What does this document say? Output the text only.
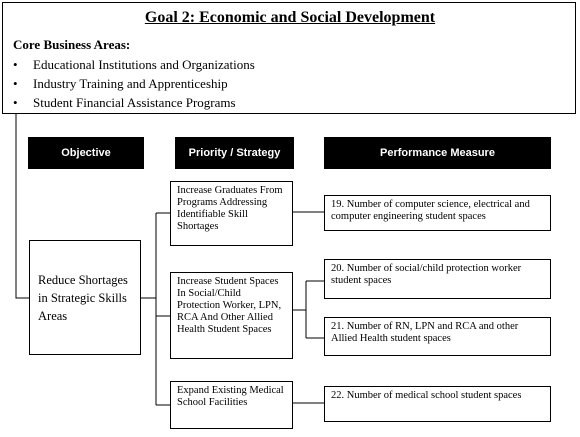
Goal 2: Economic and Social Development
Core Business Areas:
• Educational Institutions and Organizations
• Industry Training and Apprenticeship
• Student Financial Assistance Programs
Objective	Priority / Strategy	Performance Measure
Reduce Shortages in Strategic Skills Areas
Increase Graduates From Programs Addressing Identifiable Skill Shortages
Increase Student Spaces In Social/Child Protection Worker, LPN, RCA And Other Allied Health Student Spaces
Expand Existing Medical School Facilities
19. Number of computer science, electrical and computer engineering student spaces
20. Number of social/child protection worker student spaces
21. Number of RN, LPN and RCA and other Allied Health student spaces
22. Number of medical school student spaces
